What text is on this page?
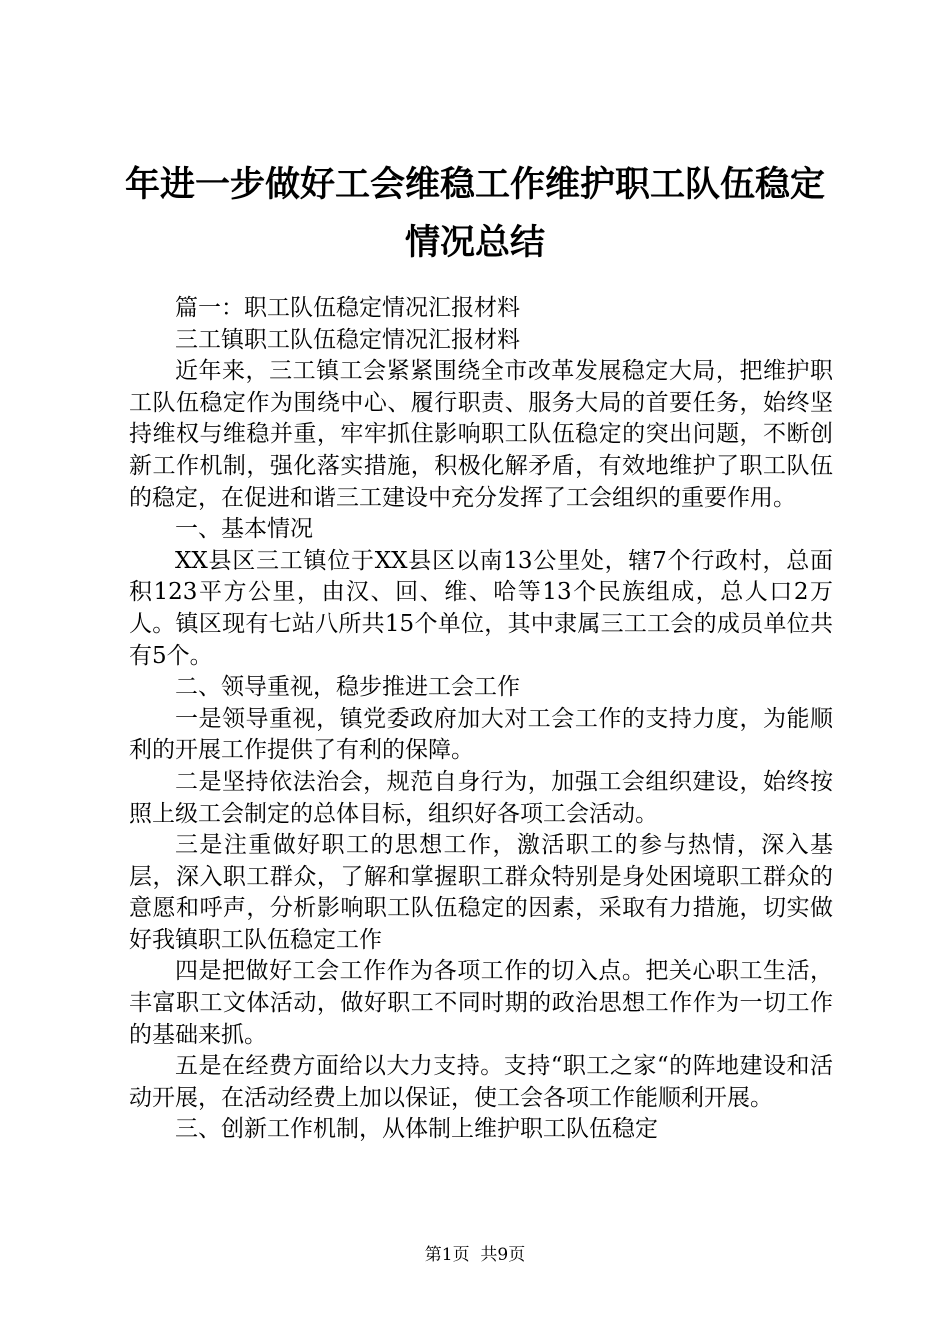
年进一步做好工会维稳工作维护职工队伍稳定
情况总结

篇一：职工队伍稳定情况汇报材料

三工镇职工队伍稳定情况汇报材料

近年来，三工镇工会紧紧围绕全市改革发展稳定大局，把维护职工队伍稳定作为围绕中心、履行职责、服务大局的首要任务，始终坚持维权与维稳并重，牢牢抓住影响职工队伍稳定的突出问题，不断创新工作机制，强化落实措施，积极化解矛盾，有效地维护了职工队伍的稳定，在促进和谐三工建设中充分发挥了工会组织的重要作用。

一、基本情况

XX县区三工镇位于XX县区以南13公里处，辖7个行政村，总面积123平方公里，由汉、回、维、哈等13个民族组成，总人口2万人。镇区现有七站八所共15个单位，其中隶属三工工会的成员单位共有5个。

二、领导重视，稳步推进工会工作

一是领导重视，镇党委政府加大对工会工作的支持力度，为能顺利的开展工作提供了有利的保障。

二是坚持依法治会，规范自身行为，加强工会组织建设，始终按照上级工会制定的总体目标，组织好各项工会活动。

三是注重做好职工的思想工作，激活职工的参与热情，深入基层，深入职工群众，了解和掌握职工群众特别是身处困境职工群众的意愿和呼声，分析影响职工队伍稳定的因素，采取有力措施，切实做好我镇职工队伍稳定工作

四是把做好工会工作作为各项工作的切入点。把关心职工生活，丰富职工文体活动，做好职工不同时期的政治思想工作作为一切工作的基础来抓。

五是在经费方面给以大力支持。支持“职工之家“的阵地建设和活动开展，在活动经费上加以保证，使工会各项工作能顺利开展。

三、创新工作机制，从体制上维护职工队伍稳定

第1页 共9页
